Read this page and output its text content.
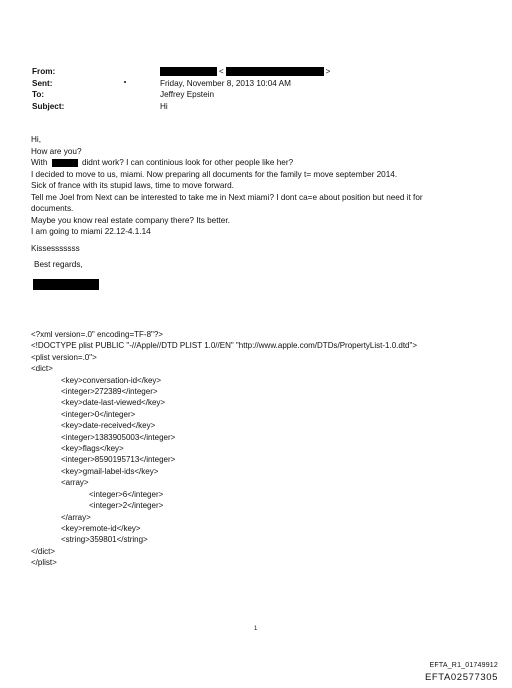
From:	<	>
Sent:	Friday, November 8, 2013 10:04 AM
To:	Jeffrey Epstein
Subject:	Hi

Hi,

How are you?

With	didnt work? I can continious look for other people like her?

I decided to move to us, miami. Now preparing all documents for the family t= move september 2014.

Sick of france with its stupid laws, time to move forward.

Tell me Joel from Next can be interested to take me in Next miami? I dont ca=e about position but need it for

documents.

Maybe you know real estate company there? Its better.

I am going to miami 22.12-4.1.14

Kissesssssss

Best regards,

<?xml version=.0" encoding=TF-8"?>

<!DOCTYPE plist PUBLIC "-//Apple//DTD PLIST 1.0//EN" "http://www.apple.com/DTDs/PropertyList-1.0.dtd">

<plist version=.0">

<dict>

<key>conversation-id</key>

<integer>272389</integer>

<key>date-last-viewed</key>

<integer>0</integer>

<key>date-received</key>

<integer>1383905003</integer>

<key>flags</key>

<integer>8590195713</integer>

<key>gmail-label-ids</key>

<array>

<integer>6</integer>

<integer>2</integer>

</array>

<key>remote-id</key>

<string>359801</string>

</dict>

</plist>

1
EFTA_R1_01749912
EFTA02577305
